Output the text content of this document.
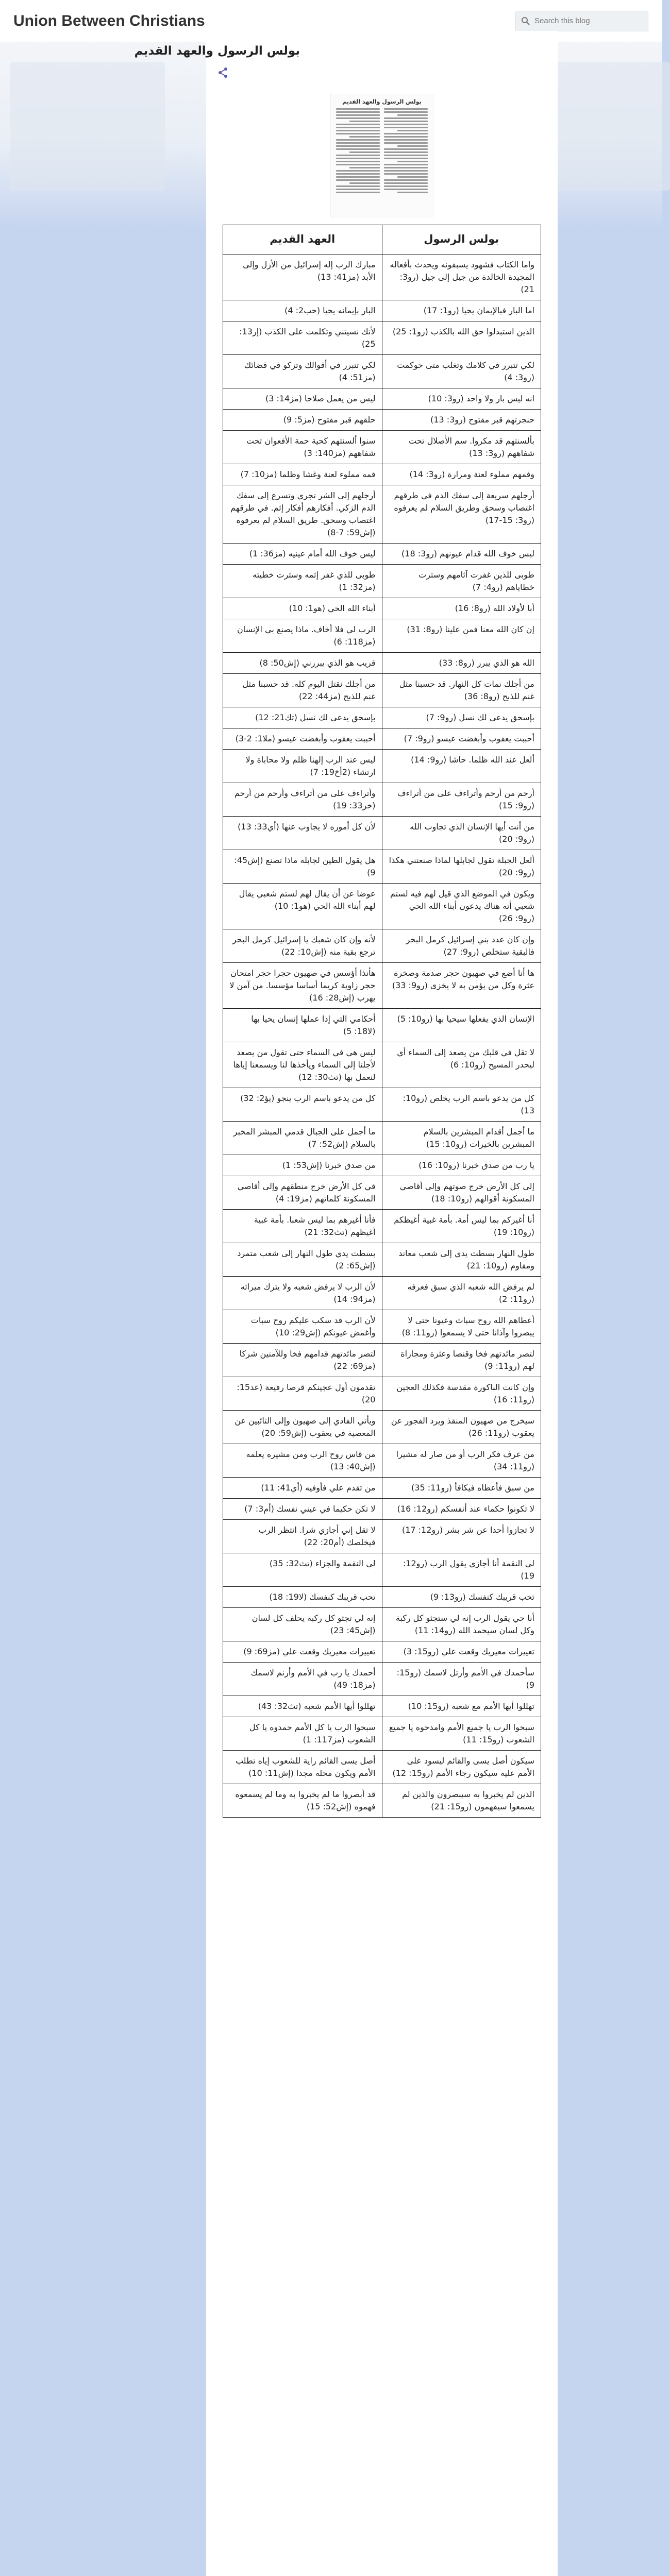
Union Between Christians
Search this blog
بولس الرسول والعهد القديم
بولس الرسول والعهد القديم
بولس الرسول	العهد القديم
واما الكتاب فشهود يسبقونه ويحدث بأفعاله المجيدة الخالدة من جيل إلى جيل (رو3: 21)	مبارك الرب إله إسرائيل من الأزل وإلى الأبد (مز41: 13)
اما البار فبالإيمان يحيا (رو1: 17)	البار بإيمانه يحيا (حب2: 4)
الذين استبدلوا حق الله بالكذب (رو1: 25)	لأنك نسيتني وتكلمت على الكذب (إر13: 25)
لكي تتبرر في كلامك وتغلب متى حوكمت (رو3: 4)	لكي تتبرر في أقوالك وتزكو في قضائك (مز51: 4)
انه ليس بار ولا واحد (رو3: 10)	ليس من يعمل صلاحا (مز14: 3)
حنجرتهم قبر مفتوح (رو3: 13)	حلقهم قبر مفتوح (مز5: 9)
بألسنتهم قد مكروا. سم الأصلال تحت شفاههم (رو3: 13)	سنوا ألسنتهم كحية حمة الأفعوان تحت شفاههم (مز140: 3)
وفمهم مملوء لعنة ومرارة (رو3: 14)	فمه مملوء لعنة وغشا وظلما (مز10: 7)
أرجلهم سريعة إلى سفك الدم في طرقهم اغتصاب وسحق وطريق السلام لم يعرفوه (رو3: 15-17)	أرجلهم إلى الشر تجري وتسرع إلى سفك الدم الزكي. أفكارهم أفكار إثم. في طرقهم اغتصاب وسحق. طريق السلام لم يعرفوه (إش59: 7-8)
ليس خوف الله قدام عيونهم (رو3: 18)	ليس خوف الله أمام عينيه (مز36: 1)
طوبى للذين غفرت آثامهم وسترت خطاياهم (رو4: 7)	طوبى للذي غفر إثمه وسترت خطيته (مز32: 1)
أبا لأولاد الله (رو8: 16)	أبناء الله الحي (هو1: 10)
إن كان الله معنا فمن علينا (رو8: 31)	الرب لي فلا أخاف. ماذا يصنع بي الإنسان (مز118: 6)
الله هو الذي يبرر (رو8: 33)	قريب هو الذي يبررني (إش50: 8)
من أجلك نمات كل النهار. قد حسبنا مثل غنم للذبح (رو8: 36)	من أجلك نقتل اليوم كله. قد حسبنا مثل غنم للذبح (مز44: 22)
بإسحق يدعى لك نسل (رو9: 7)	بإسحق يدعى لك نسل (تك21: 12)
أحببت يعقوب وأبغضت عيسو (رو9: 7)	أحببت يعقوب وأبغضت عيسو (ملا1: 2-3)
ألعل عند الله ظلما. حاشا (رو9: 14)	ليس عند الرب إلهنا ظلم ولا محاباة ولا ارتشاء (2أخ19: 7)
أرحم من أرحم وأتراءف على من أتراءف (رو9: 15)	وأتراءف على من أتراءف وأرحم من أرحم (خر33: 19)
من أنت أيها الإنسان الذي تجاوب الله (رو9: 20)	لأن كل أموره لا يجاوب عنها (أي33: 13)
ألعل الجبلة تقول لجابلها لماذا صنعتني هكذا (رو9: 20)	هل يقول الطين لجابله ماذا تصنع (إش45: 9)
ويكون في الموضع الذي قيل لهم فيه لستم شعبي أنه هناك يدعون أبناء الله الحي (رو9: 26)	عوضا عن أن يقال لهم لستم شعبي يقال لهم أبناء الله الحي (هو1: 10)
وإن كان عدد بني إسرائيل كرمل البحر فالبقية ستخلص (رو9: 27)	لأنه وإن كان شعبك يا إسرائيل كرمل البحر ترجع بقية منه (إش10: 22)
ها أنا أضع في صهيون حجر صدمة وصخرة عثرة وكل من يؤمن به لا يخزى (رو9: 33)	هأنذا أؤسس في صهيون حجرا حجر امتحان حجر زاوية كريما أساسا مؤسسا. من آمن لا يهرب (إش28: 16)
الإنسان الذي يفعلها سيحيا بها (رو10: 5)	أحكامي التي إذا عملها إنسان يحيا بها (لا18: 5)
لا تقل في قلبك من يصعد إلى السماء أي ليحدر المسيح (رو10: 6)	ليس هي في السماء حتى تقول من يصعد لأجلنا إلى السماء ويأخذها لنا ويسمعنا إياها لنعمل بها (تث30: 12)
كل من يدعو باسم الرب يخلص (رو10: 13)	كل من يدعو باسم الرب ينجو (يؤ2: 32)
ما أجمل أقدام المبشرين بالسلام المبشرين بالخيرات (رو10: 15)	ما أجمل على الجبال قدمي المبشر المخبر بالسلام (إش52: 7)
يا رب من صدق خبرنا (رو10: 16)	من صدق خبرنا (إش53: 1)
إلى كل الأرض خرج صوتهم وإلى أقاصي المسكونة أقوالهم (رو10: 18)	في كل الأرض خرج منطقهم وإلى أقاصي المسكونة كلماتهم (مز19: 4)
أنا أغيركم بما ليس أمة. بأمة غبية أغيظكم (رو10: 19)	فأنا أغيرهم بما ليس شعبا. بأمة غبية أغيظهم (تث32: 21)
طول النهار بسطت يدي إلى شعب معاند ومقاوم (رو10: 21)	بسطت يدي طول النهار إلى شعب متمرد (إش65: 2)
لم يرفض الله شعبه الذي سبق فعرفه (رو11: 2)	لأن الرب لا يرفض شعبه ولا يترك ميراثه (مز94: 14)
أعطاهم الله روح سبات وعيونا حتى لا يبصروا وآذانا حتى لا يسمعوا (رو11: 8)	لأن الرب قد سكب عليكم روح سبات وأغمض عيونكم (إش29: 10)
لتصر مائدتهم فخا وقنصا وعثرة ومجازاة لهم (رو11: 9)	لتصر مائدتهم قدامهم فخا وللآمنين شركا (مز69: 22)
وإن كانت الباكورة مقدسة فكذلك العجين (رو11: 16)	تقدمون أول عجينكم قرصا رفيعة (عد15: 20)
سيخرج من صهيون المنقذ ويرد الفجور عن يعقوب (رو11: 26)	ويأتي الفادي إلى صهيون وإلى التائبين عن المعصية في يعقوب (إش59: 20)
من عرف فكر الرب أو من صار له مشيرا (رو11: 34)	من قاس روح الرب ومن مشيره يعلمه (إش40: 13)
من سبق فأعطاه فيكافأ (رو11: 35)	من تقدم علي فأوفيه (أي41: 11)
لا تكونوا حكماء عند أنفسكم (رو12: 16)	لا تكن حكيما في عيني نفسك (أم3: 7)
لا تجازوا أحدا عن شر بشر (رو12: 17)	لا تقل إني أجازي شرا. انتظر الرب فيخلصك (أم20: 22)
لي النقمة أنا أجازي يقول الرب (رو12: 19)	لي النقمة والجزاء (تث32: 35)
تحب قريبك كنفسك (رو13: 9)	تحب قريبك كنفسك (لا19: 18)
أنا حي يقول الرب إنه لي ستجثو كل ركبة وكل لسان سيحمد الله (رو14: 11)	إنه لي تجثو كل ركبة يحلف كل لسان (إش45: 23)
تعييرات معيريك وقعت علي (رو15: 3)	تعييرات معيريك وقعت علي (مز69: 9)
سأحمدك في الأمم وأرتل لاسمك (رو15: 9)	أحمدك يا رب في الأمم وأرنم لاسمك (مز18: 49)
تهللوا أيها الأمم مع شعبه (رو15: 10)	تهللوا أيها الأمم شعبه (تث32: 43)
سبحوا الرب يا جميع الأمم وامدحوه يا جميع الشعوب (رو15: 11)	سبحوا الرب يا كل الأمم حمدوه يا كل الشعوب (مز117: 1)
سيكون أصل يسى والقائم ليسود على الأمم عليه سيكون رجاء الأمم (رو15: 12)	أصل يسى القائم راية للشعوب إياه تطلب الأمم ويكون محله مجدا (إش11: 10)
الذين لم يخبروا به سيبصرون والذين لم يسمعوا سيفهمون (رو15: 21)	قد أبصروا ما لم يخبروا به وما لم يسمعوه فهموه (إش52: 15)
